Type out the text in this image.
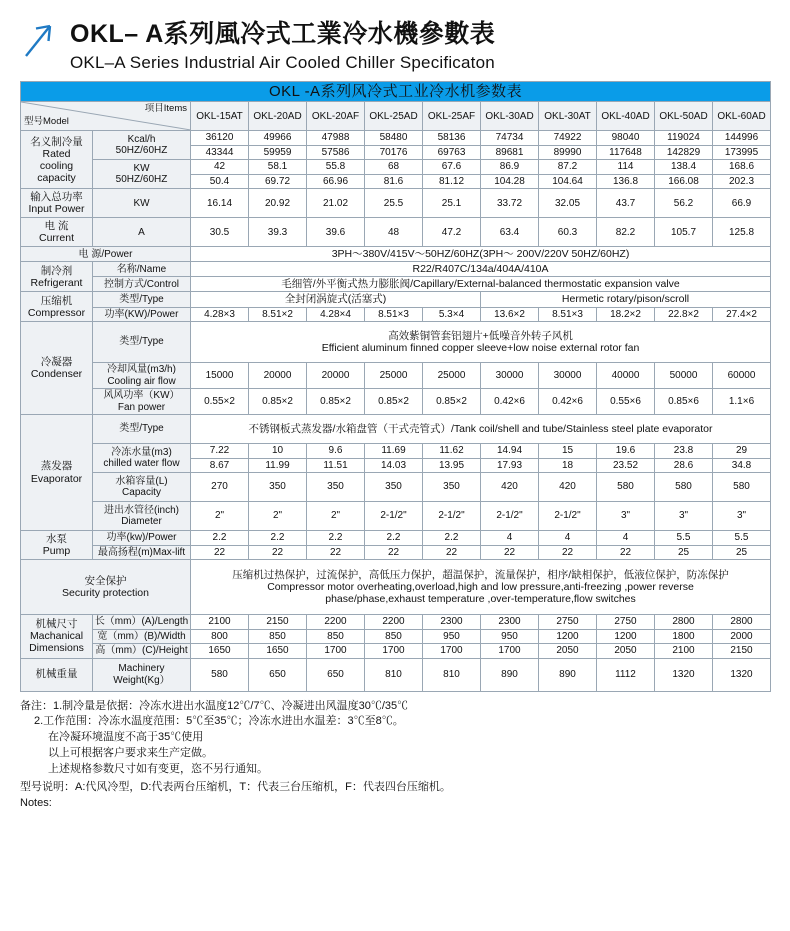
OKL– A系列風冷式工業冷水機參數表
OKL–A Series Industrial Air Cooled Chiller Specificaton
OKL -A系列风冷式工业冷水机参数表											

项目Items
型号Model		OKL-15AT	OKL-20AD	OKL-20AF	OKL-25AD	OKL-25AF	OKL-30AD	OKL-30AT	OKL-40AD	OKL-50AD	OKL-60AD

名义制冷量
Rated
cooling
capacity

Kcal/h
50HZ/60HZ
	36120	49966	47988	58480	58136	74734	74922	98040	119024	144996
		43344	59959	57586	70176	69763	89681	89990	117648	142829	173995

	KW
50HZ/60HZ	42	58.1	55.8	68	67.6	86.9	87.2	114	138.4	168.6
		50.4	69.72	66.96	81.6	81.12	104.28	104.64	136.8	166.08	202.3

输入总功率
Input Power	KW	16.14	20.92	21.02	25.5	25.1	33.72	32.05	43.7	56.2	66.9

电 流
Current	A	30.5	39.3	39.6	48	47.2	63.4	60.3	82.2	105.7	125.8
电 源/Power		3PH～380V/415V～50HZ/60HZ(3PH～ 200V/220V 50HZ/60HZ)									

制冷剂
Refrigerant	名称/Name	R22/R407C/134a/404A/410A									
	控制方式/Control	毛细管/外平衡式热力膨胀阀/Capillary/External-balanced thermostatic expansion valve									

压缩机
Compressor	类型/Type	全封闭涡旋式(活塞式)					Hermetic rotary/pison/scroll				
	功率(KW)/Power	4.28×3	8.51×2	4.28×4	8.51×3	5.3×4	13.6×2	8.51×3	18.2×2	22.8×2	27.4×2

冷凝器
Condenser
	类型/Type	高效紫铜管套铝翅片+低噪音外转子风机
Efficient aluminum finned copper sleeve+low noise external rotor fan

	冷却风量(m3/h)
Cooling air flow	15000	20000	20000	25000	25000	30000	30000	40000	50000	60000

	风风功率（KW）
Fan power	0.55×2	0.85×2	0.85×2	0.85×2	0.85×2	0.42×6	0.42×6	0.55×6	0.85×6	1.1×6

蒸发器
Evaporator	类型/Type	不锈钢板式蒸发器/水箱盘管（干式壳管式）/Tank coil/shell and tube/Stainless steel plate evaporator									

	冷冻水量(m3)
chilled water flow	7.22	10	9.6	11.69	11.62	14.94	15	19.6	23.8	29
		8.67	11.99	11.51	14.03	13.95	17.93	18	23.52	28.6	34.8

	水箱容量(L)
Capacity	270	350	350	350	350	420	420	580	580	580

	进出水管径(inch)
Diameter	2"	2"	2"	2-1/2"	2-1/2"	2-1/2"	2-1/2"	3"	3"	3"

水泵
Pump	功率(kw)/Power	2.2	2.2	2.2	2.2	2.2	4	4	4	5.5	5.5
	最高扬程(m)Max-lift	22	22	22	22	22	22	22	22	25	25

安全保护
Security protection

压缩机过热保护，过流保护，高低压力保护，超温保护，流量保护，相序/缺相保护，低液位保护，防冻保护
Compressor motor overheating,overload,high and low pressure,anti-freezing ,power reverse
phase/phase,exhaust temperature ,over-temperature,flow switches

机械尺寸
Machanical
Dimensions	长（mm）(A)/Length	2100	2150	2200	2200	2300	2300	2750	2750	2800	2800
	宽（mm）(B)/Width	800	850	850	850	950	950	1200	1200	1800	2000
	高（mm）(C)/Height	1650	1650	1700	1700	1700	1700	2050	2050	2100	2150
机械重量	Machinery
Weight(Kg）	580	650	650	810	810	890	890	1112	1320	1320
备注：1.制冷量是依据：冷冻水进出水温度12℃/7℃、冷凝进出风温度30℃/35℃
2.工作范围：冷冻水温度范围：5℃至35℃；冷冻水进出水温差：3℃至8℃。
在冷凝环境温度不高于35℃使用
以上可根据客户要求来生产定做。
上述规格参数尺寸如有变更，恣不另行通知。
型号说明：A:代风冷型，D:代表两台压缩机，T：代表三台压缩机，F：代表四台压缩机。
Notes:
